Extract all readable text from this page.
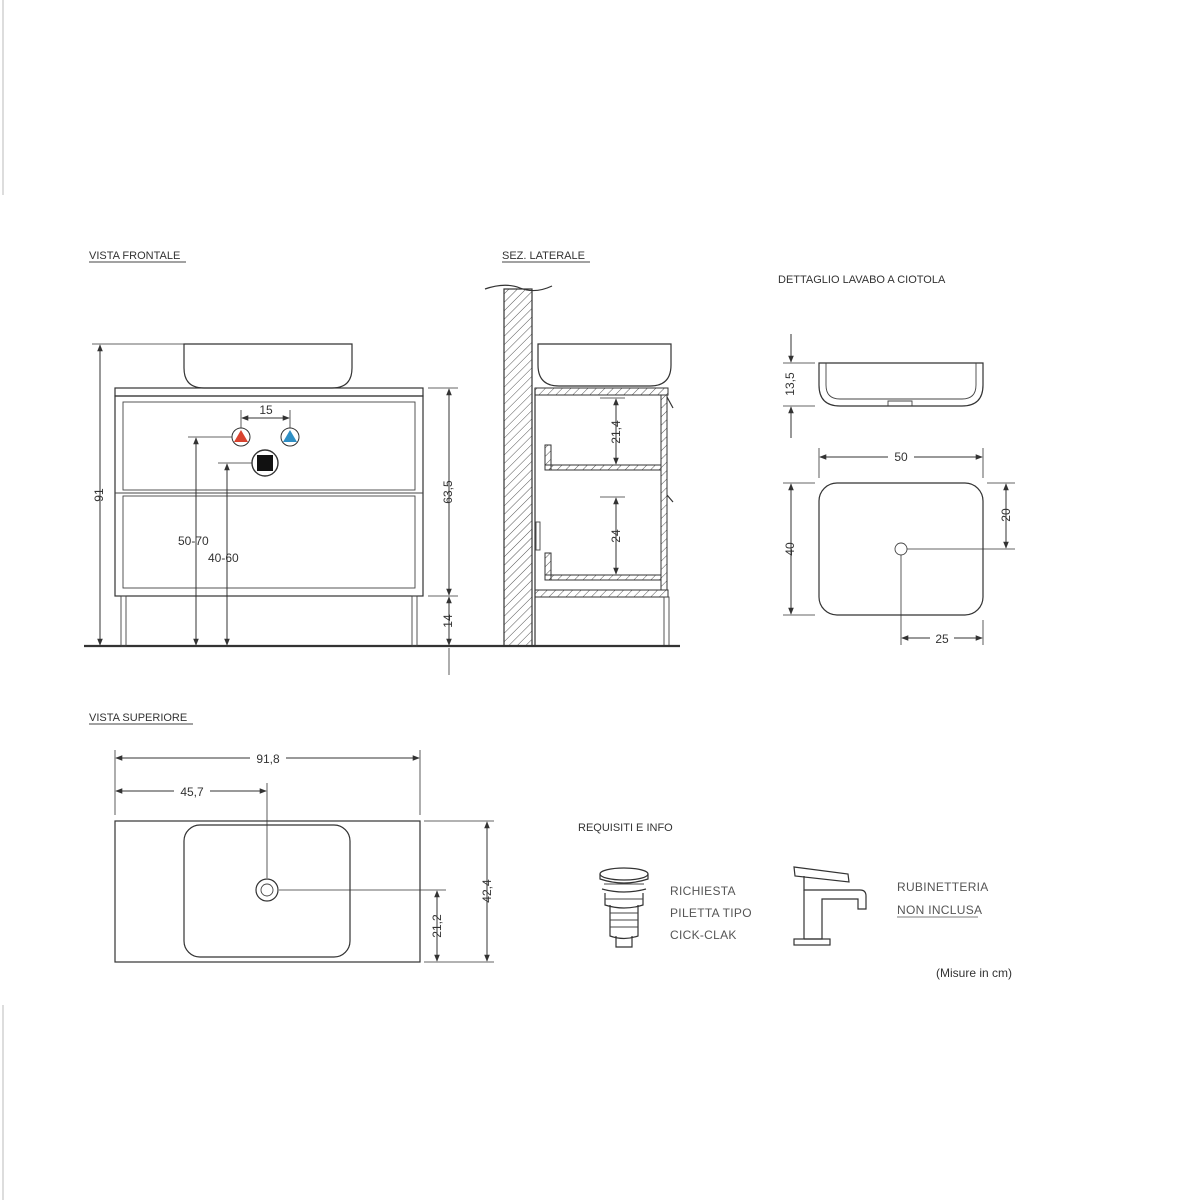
VISTA FRONTALE
15
91
50-70
40-60
63,5
14
SEZ. LATERALE
21,4
24
DETTAGLIO LAVABO A CIOTOLA
13,5
50
40
20
25
VISTA SUPERIORE
91,8
45,7
42,4
21,2
REQUISITI E INFO
RICHIESTA
PILETTA TIPO
CICK-CLAK
RUBINETTERIA
NON INCLUSA
(Misure in cm)
